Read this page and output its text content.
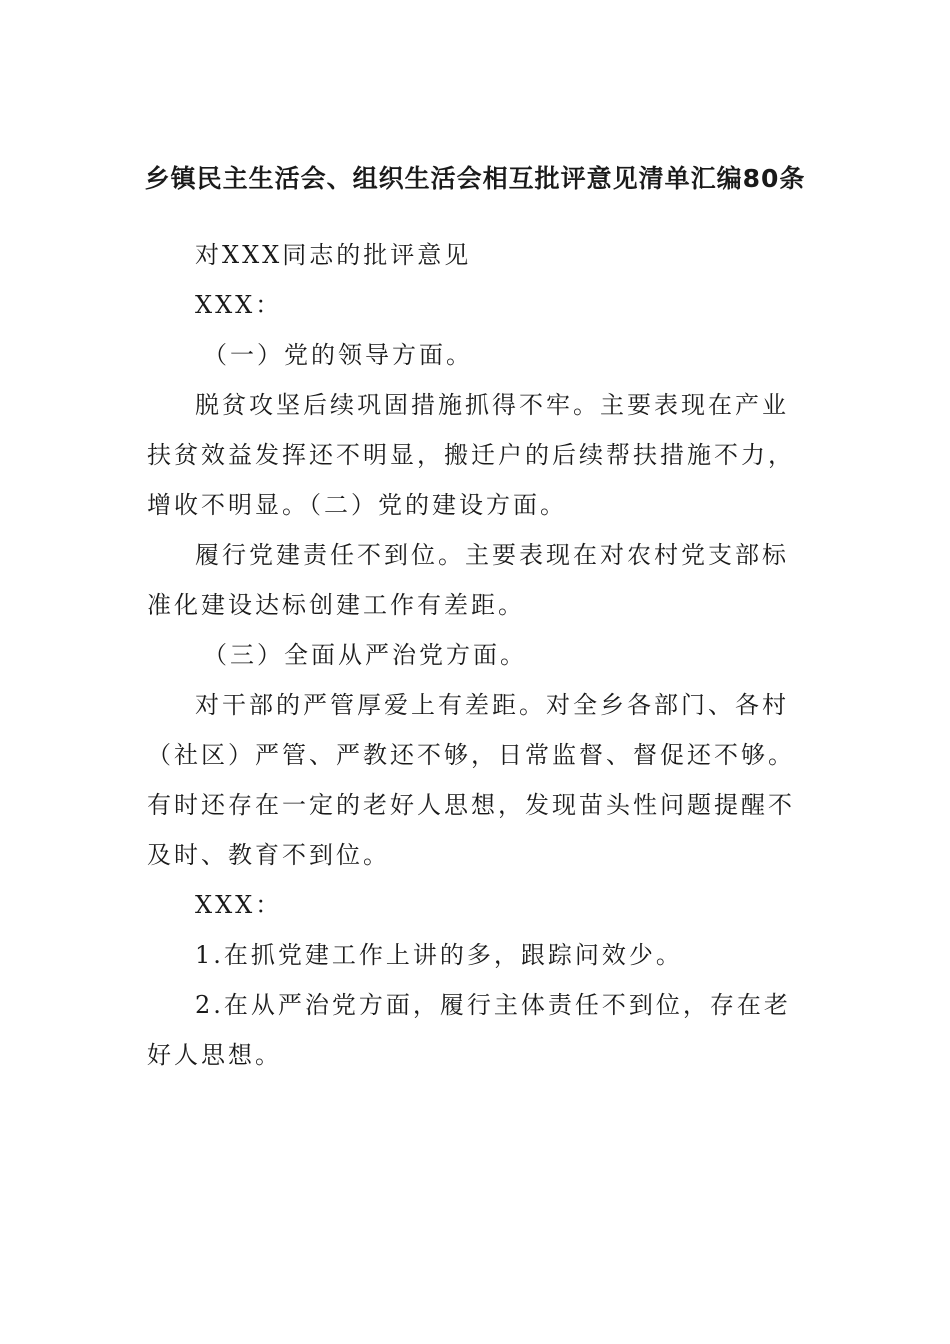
乡镇民主生活会、组织生活会相互批评意见清单汇编80条

对XXX同志的批评意见

XXX：

（一）党的领导方面。

脱贫攻坚后续巩固措施抓得不牢。主要表现在产业扶贫效益发挥还不明显，搬迁户的后续帮扶措施不力，增收不明显。（二）党的建设方面。

履行党建责任不到位。主要表现在对农村党支部标准化建设达标创建工作有差距。

（三）全面从严治党方面。

对干部的严管厚爱上有差距。对全乡各部门、各村（社区）严管、严教还不够，日常监督、督促还不够。有时还存在一定的老好人思想，发现苗头性问题提醒不及时、教育不到位。

XXX：

1.在抓党建工作上讲的多，跟踪问效少。

2.在从严治党方面，履行主体责任不到位，存在老好人思想。
